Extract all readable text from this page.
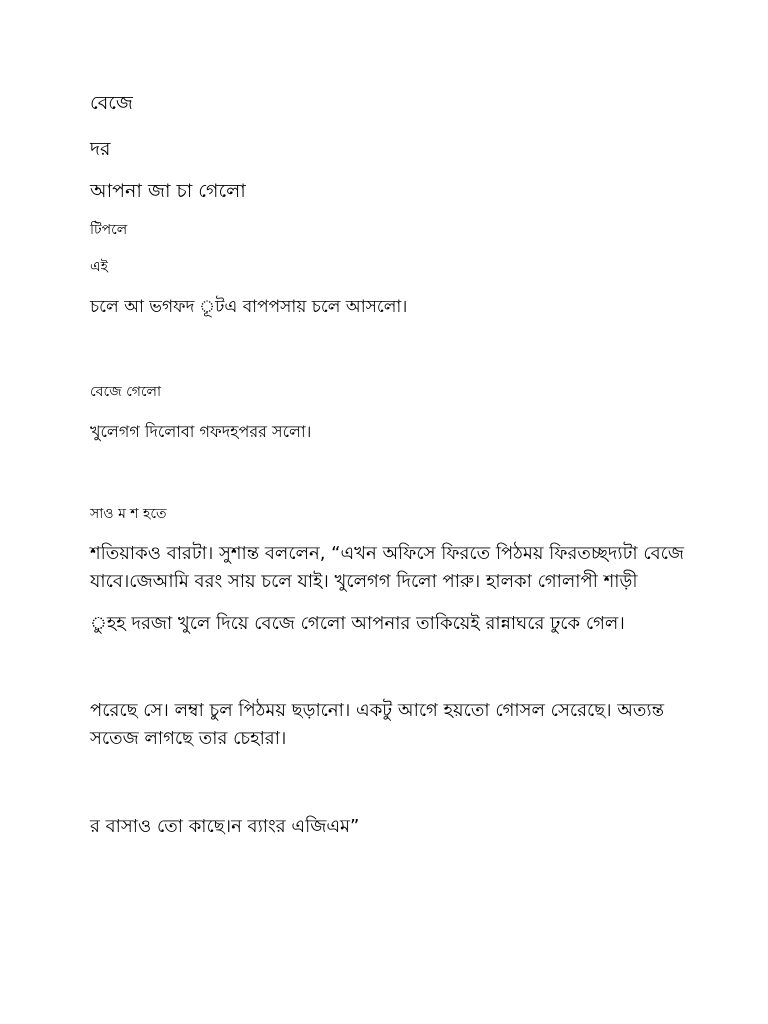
বেজে
দর
আপনা জা চা গেলো
টিপলে
এই
চলে আ ভগফদ ূটএ বাপপসায় চলে আসলো।
বেজে গেলো
খুলেগগ দিলোবা গফদহপরর সলো।
সাও ম শ হতে
শতিয়াকও বারটা। সুশান্ত বললেন, “এখন অফিসে ফিরতে পিঠময় ফিরতচ্ছদ্যটা বেজে যাবে।জেআমি বরং সায় চলে যাই। খুলেগগ দিলো পারু। হালকা গোলাপী শাড়ী
ুহহ দরজা খুলে দিয়ে বেজে গেলো আপনার তাকিয়েই রান্নাঘরে ঢুকে গেল।
পরেছে সে। লম্বা চুল পিঠময় ছড়ানো। একটু আগে হয়তো গোসল সেরেছে। অত্যন্ত সতেজ লাগছে তার চেহারা।
র বাসাও তো কাছে।ন ব্যাংর এজিএম”
